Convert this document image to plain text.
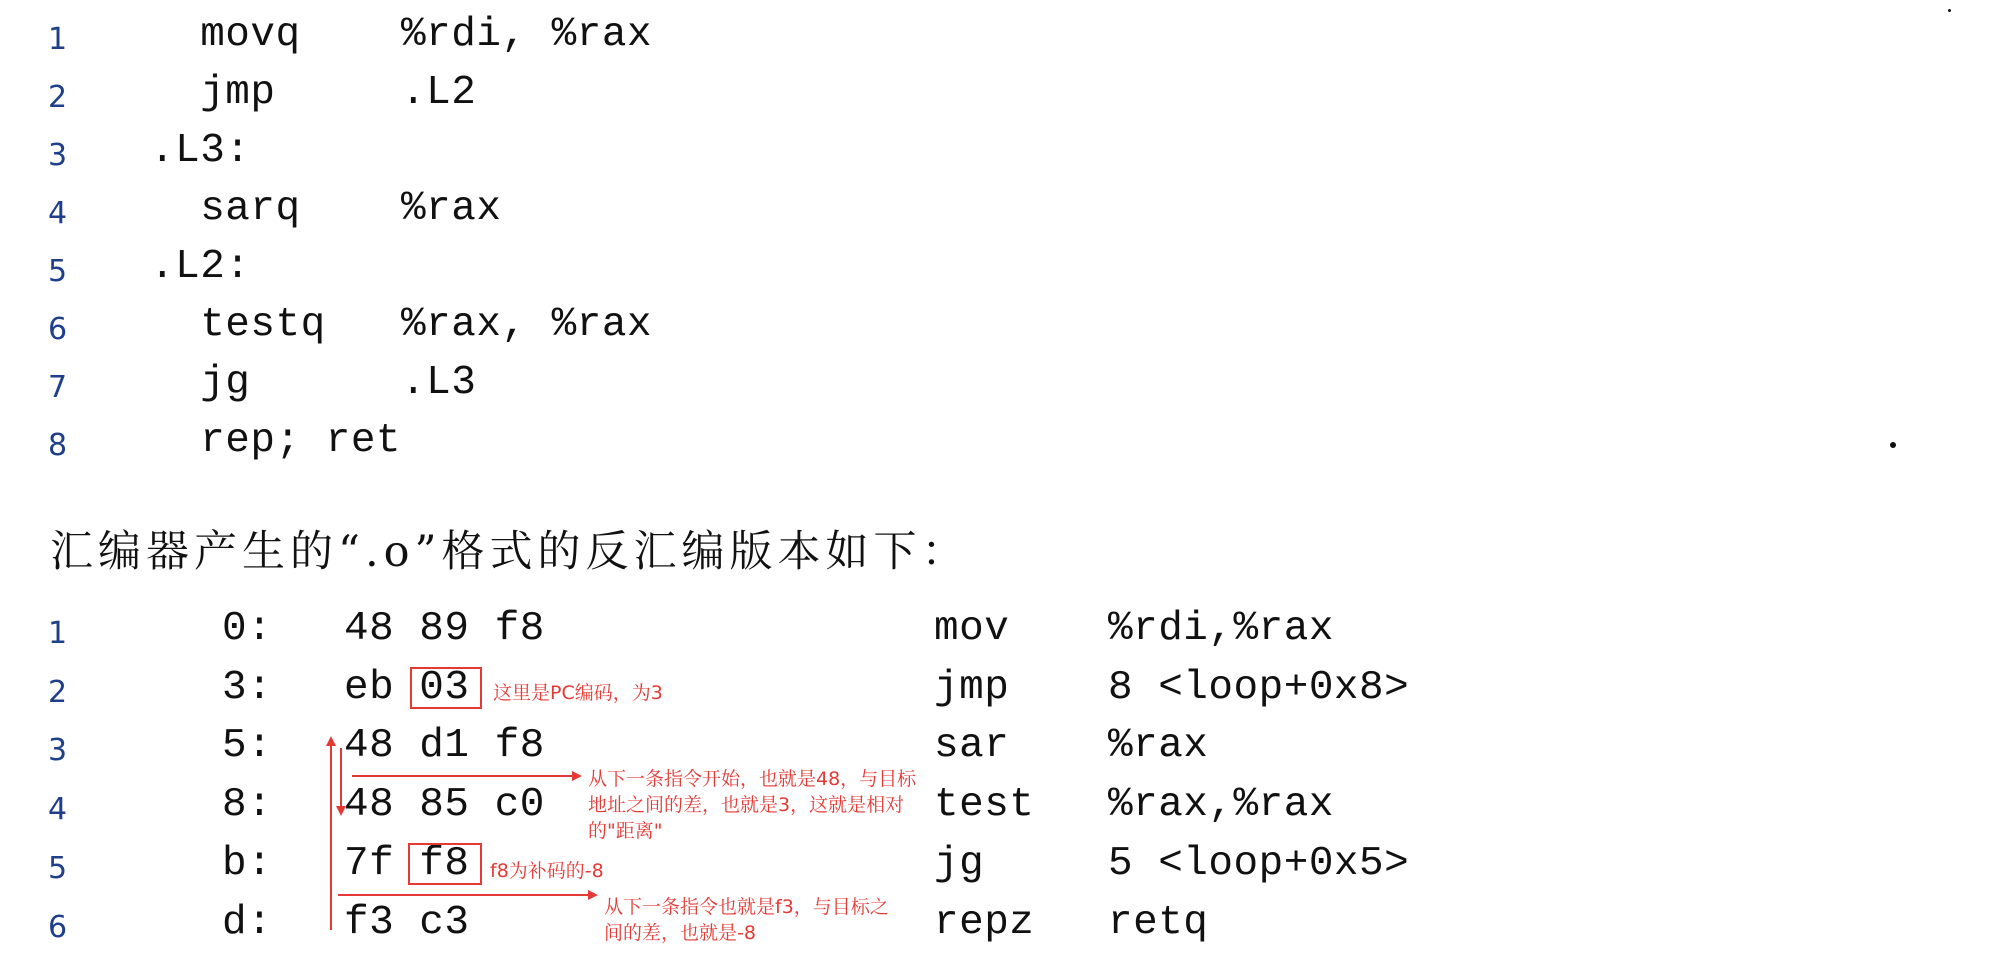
1 movq    %rdi, %rax
2 jmp     .L2
3 .L3:
4 sarq    %rax
5 .L2:
6 testq   %rax, %rax
7 jg      .L3
8 rep; ret
汇编器产生的“.o”格式的反汇编版本如下：
1	0: 48 89 f8	mov %rdi,%rax
2	3: eb 03	jmp 8 <loop+0x8>
3	5: 48 d1 f8	sar %rax
4	8: 48 85 c0	test %rax,%rax
5	b: 7f f8	jg	5 <loop+0x5>
6	d: f3 c3	repz retq
这里是PC编码，为3
从下一条指令开始，也就是48，与目标
地址之间的差，也就是3，这就是相对
的"距离"
f8为补码的-8
从下一条指令也就是f3，与目标之
间的差，也就是-8
